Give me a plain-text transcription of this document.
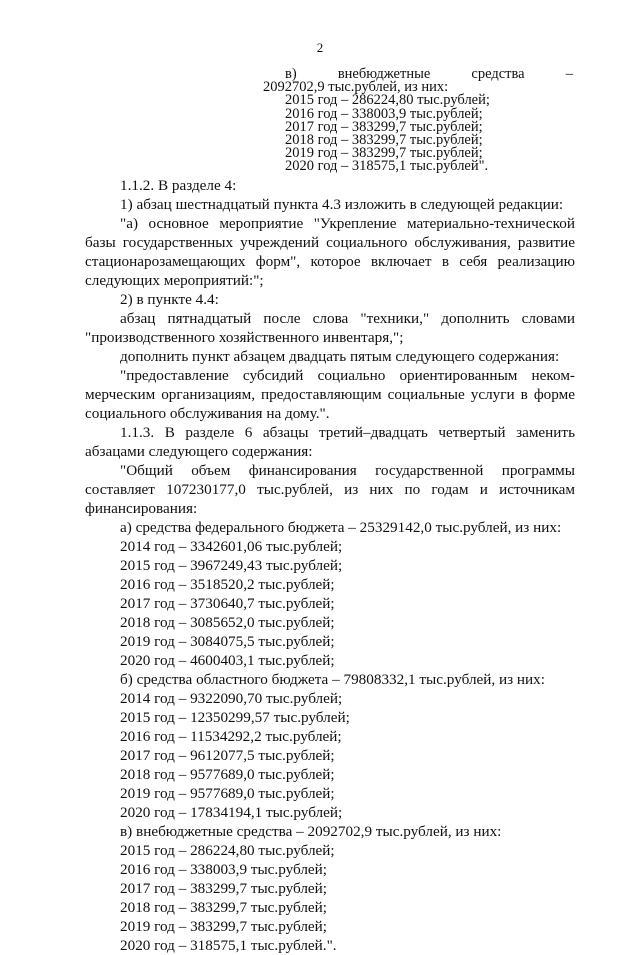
2
в)	внебюджетные	средства	–
2092702,9 тыс.рублей, из них:
2015 год – 286224,80 тыс.рублей;
2016 год – 338003,9 тыс.рублей;
2017 год – 383299,7 тыс.рублей;
2018 год – 383299,7 тыс.рублей;
2019 год – 383299,7 тыс.рублей;
2020 год – 318575,1 тыс.рублей".

1.1.2. В разделе 4:

1) абзац шестнадцатый пункта 4.3 изложить в следующей редакции:

"а) основное мероприятие "Укрепление материально-технической базы государственных учреждений социального обслуживания, развитие стационарозамещающих форм", которое включает в себя реализацию следующих мероприятий:";

2) в пункте 4.4:

абзац пятнадцатый после слова "техники," дополнить словами "производственного хозяйственного инвентаря,";

дополнить пункт абзацем двадцать пятым следующего содержания:

"предоставление субсидий социально ориентированным неком-мерческим организациям, предоставляющим социальные услуги в форме социального обслуживания на дому.".

1.1.3. В разделе 6 абзацы третий–двадцать четвертый заменить абзацами следующего содержания:

"Общий объем финансирования государственной программы составляет 107230177,0 тыс.рублей, из них по годам и источникам финансирования:

а) средства федерального бюджета – 25329142,0 тыс.рублей, из них:

2014 год – 3342601,06 тыс.рублей;

2015 год – 3967249,43 тыс.рублей;

2016 год – 3518520,2 тыс.рублей;

2017 год – 3730640,7 тыс.рублей;

2018 год – 3085652,0 тыс.рублей;

2019 год – 3084075,5 тыс.рублей;

2020 год – 4600403,1 тыс.рублей;

б) средства областного бюджета – 79808332,1 тыс.рублей, из них:

2014 год – 9322090,70 тыс.рублей;

2015 год – 12350299,57 тыс.рублей;

2016 год – 11534292,2 тыс.рублей;

2017 год – 9612077,5 тыс.рублей;

2018 год – 9577689,0 тыс.рублей;

2019 год – 9577689,0 тыс.рублей;

2020 год – 17834194,1 тыс.рублей;

в) внебюджетные средства – 2092702,9 тыс.рублей, из них:

2015 год – 286224,80 тыс.рублей;

2016 год – 338003,9 тыс.рублей;

2017 год – 383299,7 тыс.рублей;

2018 год – 383299,7 тыс.рублей;

2019 год – 383299,7 тыс.рублей;

2020 год – 318575,1 тыс.рублей.".
